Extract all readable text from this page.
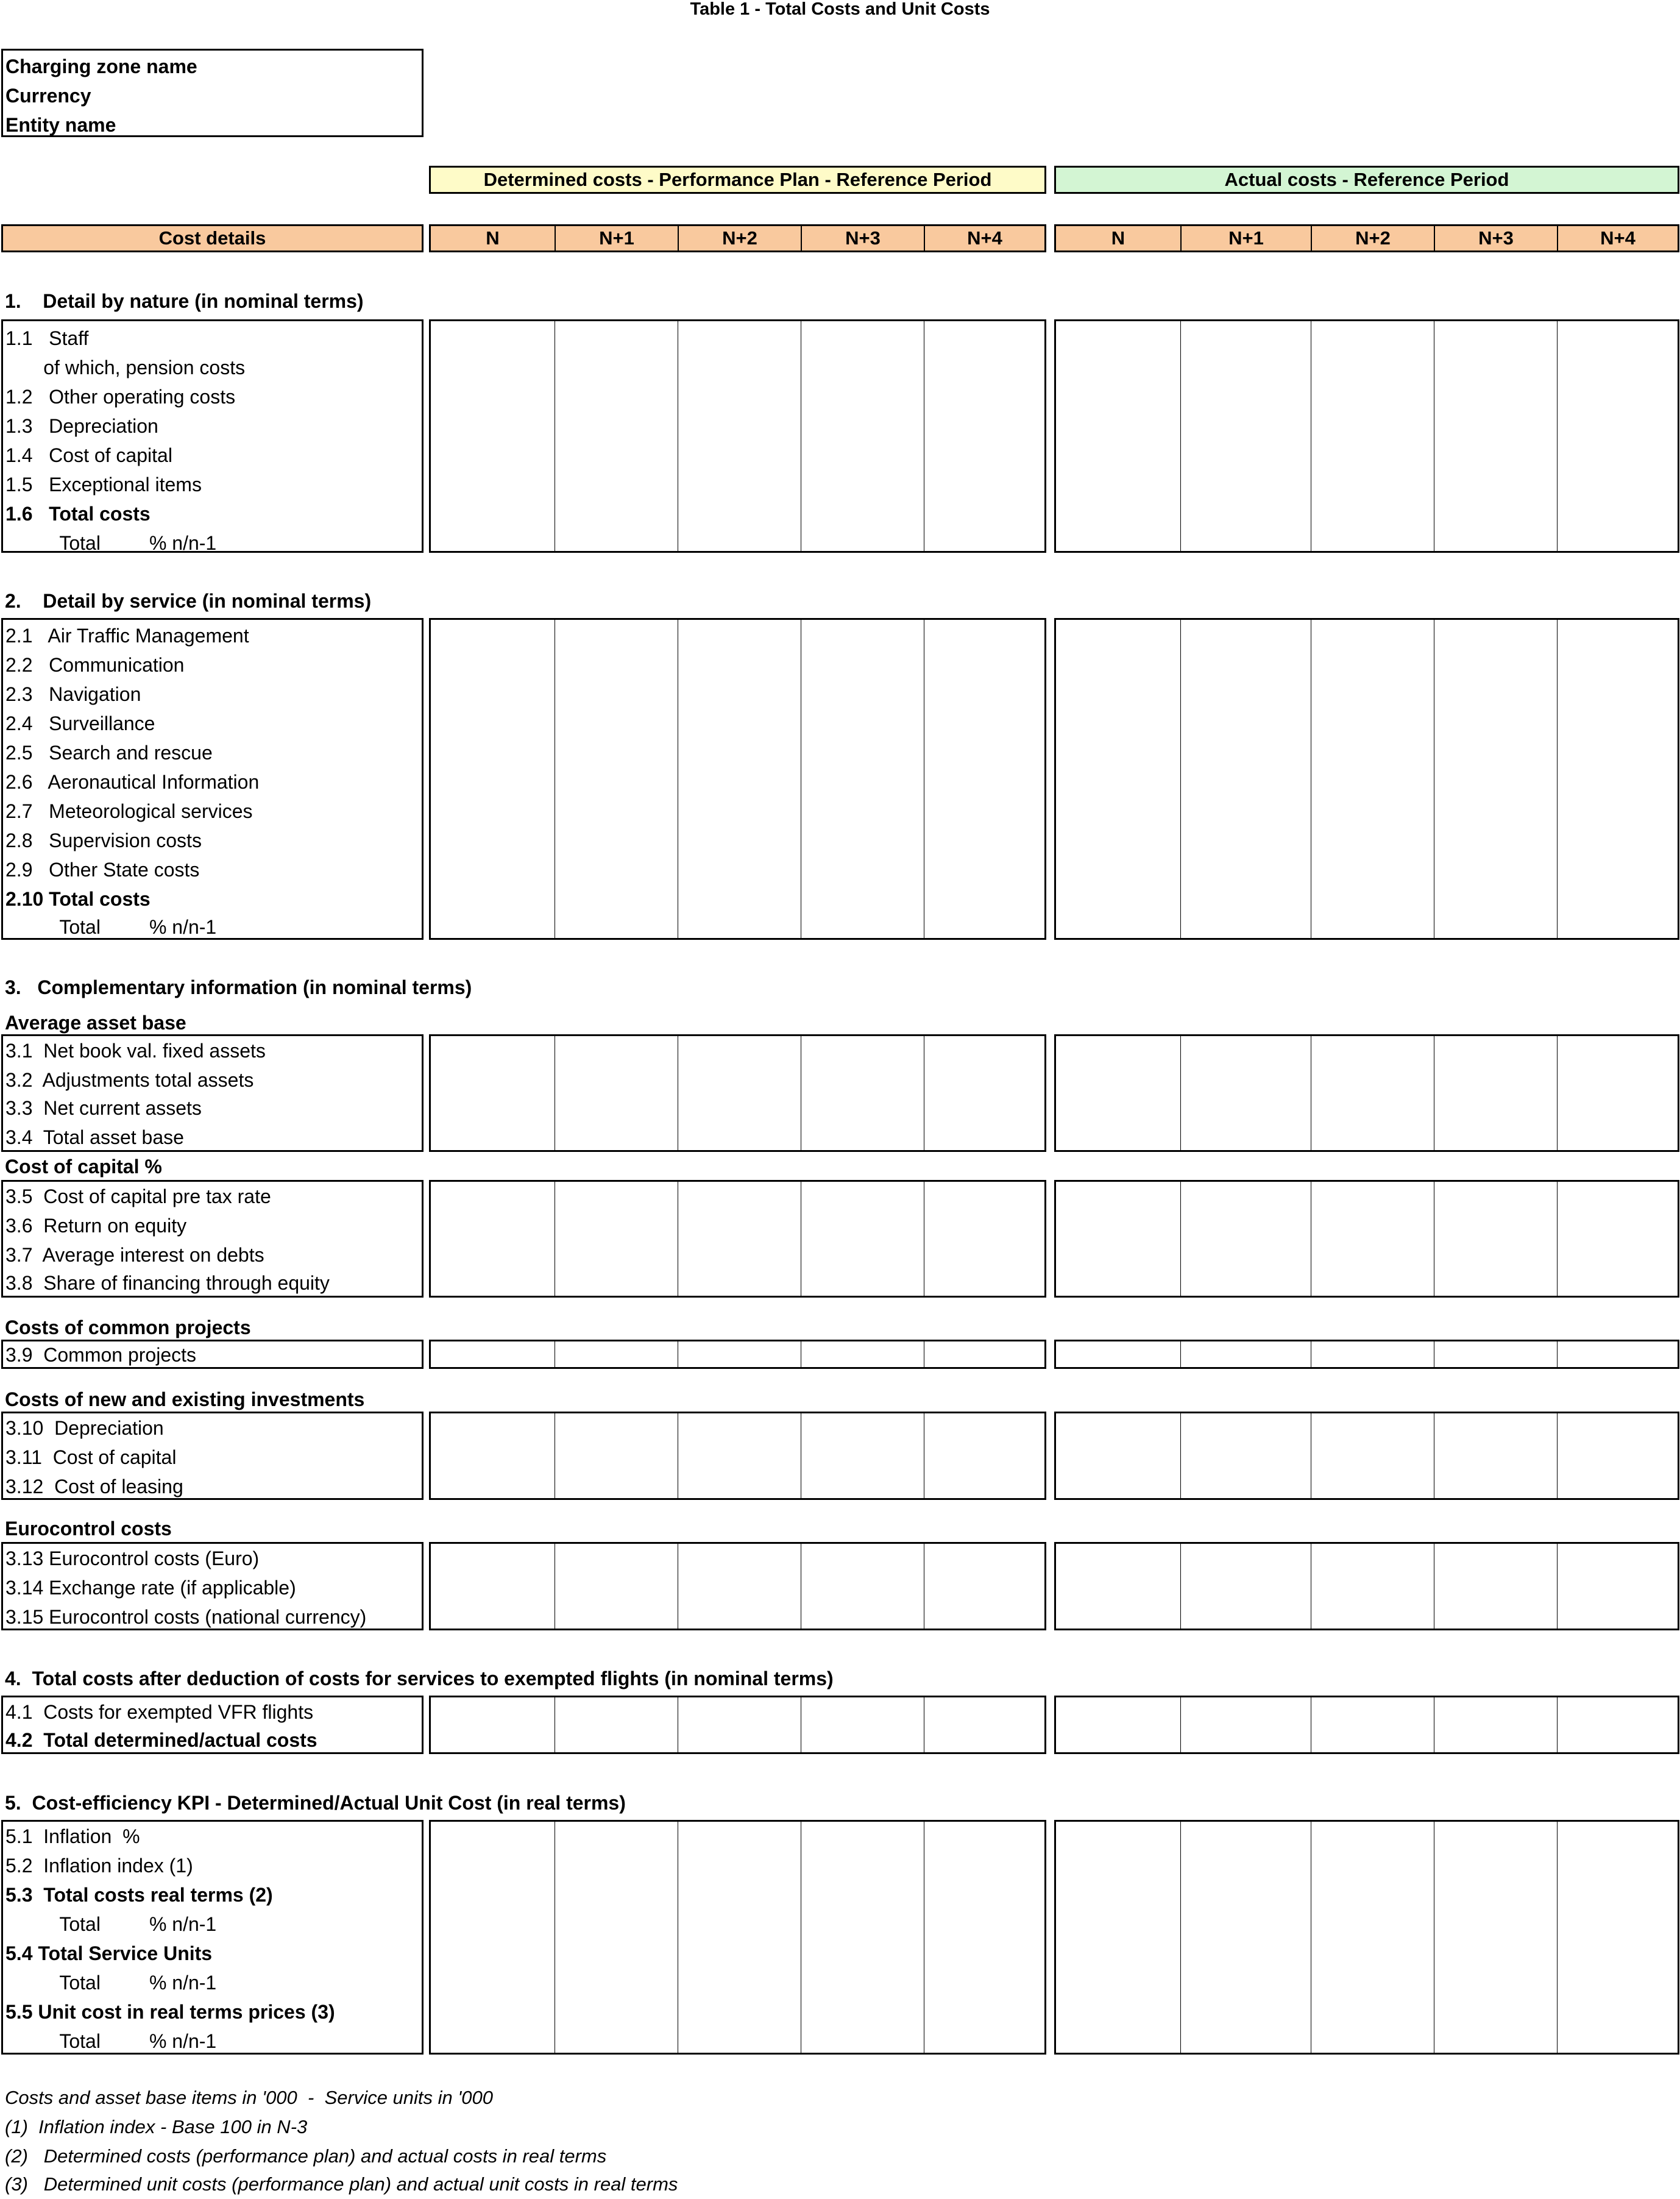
Table 1 - Total Costs and Unit Costs
Charging zone name
Currency
Entity name
Determined costs - Performance Plan - Reference Period	Actual costs - Reference Period
Cost details	N	N+1	N+2	N+3	N+4	N	N+1	N+2	N+3	N+4
1.    Detail by nature (in nominal terms)
1.1   Staff
of which, pension costs
1.2   Other operating costs
1.3   Depreciation
1.4   Cost of capital
1.5   Exceptional items
1.6   Total costs
Total         % n/n-1
2.    Detail by service (in nominal terms)
2.1   Air Traffic Management
2.2   Communication
2.3   Navigation
2.4   Surveillance
2.5   Search and rescue
2.6   Aeronautical Information
2.7   Meteorological services
2.8   Supervision costs
2.9   Other State costs
2.10 Total costs
Total         % n/n-1
3.   Complementary information (in nominal terms)
Average asset base
3.1  Net book val. fixed assets
3.2  Adjustments total assets
3.3  Net current assets
3.4  Total asset base
Cost of capital %
3.5  Cost of capital pre tax rate
3.6  Return on equity
3.7  Average interest on debts
3.8  Share of financing through equity
Costs of common projects
3.9  Common projects
Costs of new and existing investments
3.10  Depreciation
3.11  Cost of capital
3.12  Cost of leasing
Eurocontrol costs
3.13 Eurocontrol costs (Euro)
3.14 Exchange rate (if applicable)
3.15 Eurocontrol costs (national currency)
4.  Total costs after deduction of costs for services to exempted flights (in nominal terms)
4.1  Costs for exempted VFR flights
4.2  Total determined/actual costs
5.  Cost-efficiency KPI - Determined/Actual Unit Cost (in real terms)
5.1  Inflation  %
5.2  Inflation index (1)
5.3  Total costs real terms (2)
Total         % n/n-1
5.4 Total Service Units
Total         % n/n-1
5.5 Unit cost in real terms prices (3)
Total         % n/n-1
Costs and asset base items in '000  -  Service units in '000
(1)  Inflation index - Base 100 in N-3
(2)   Determined costs (performance plan) and actual costs in real terms
(3)   Determined unit costs (performance plan) and actual unit costs in real terms
